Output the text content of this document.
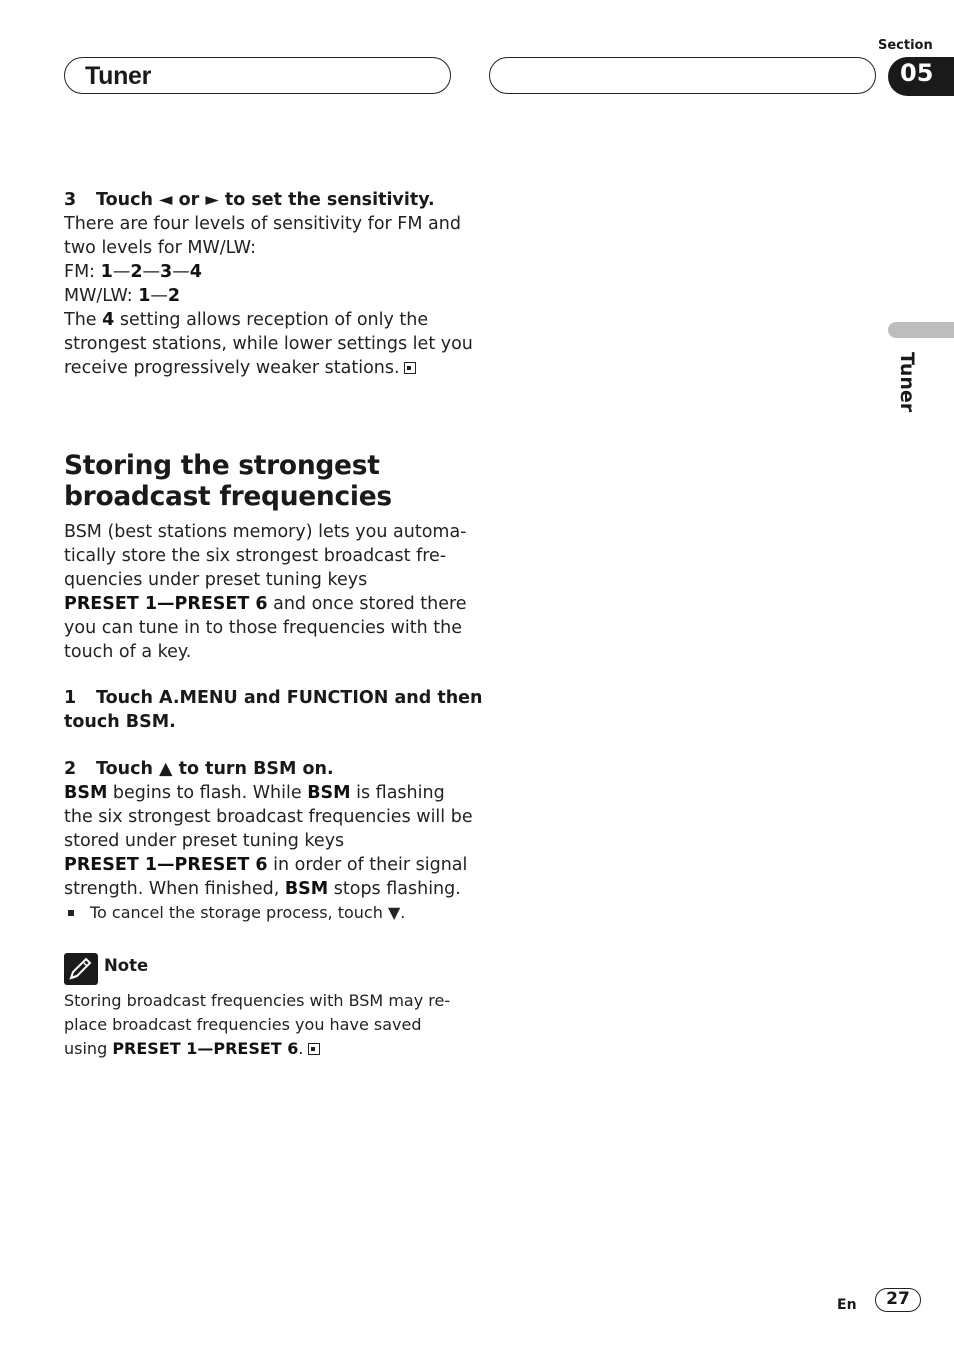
Tuner
Section
05
Tuner
3 Touch ◄ or ► to set the sensitivity.
There are four levels of sensitivity for FM and
two levels for MW/LW:
FM: 1—2—3—4
MW/LW: 1—2
The 4 setting allows reception of only the
strongest stations, while lower settings let you
receive progressively weaker stations.
Storing the strongest
broadcast frequencies
BSM (best stations memory) lets you automa-
tically store the six strongest broadcast fre-
quencies under preset tuning keys
PRESET 1—PRESET 6 and once stored there
you can tune in to those frequencies with the
touch of a key.
1 Touch A.MENU and FUNCTION and then
touch BSM.
2 Touch ▲ to turn BSM on.
BSM begins to flash. While BSM is flashing
the six strongest broadcast frequencies will be
stored under preset tuning keys
PRESET 1—PRESET 6 in order of their signal
strength. When finished, BSM stops flashing.
To cancel the storage process, touch ▼.
Note
Storing broadcast frequencies with BSM may re-
place broadcast frequencies you have saved
using PRESET 1—PRESET 6.
En	27
